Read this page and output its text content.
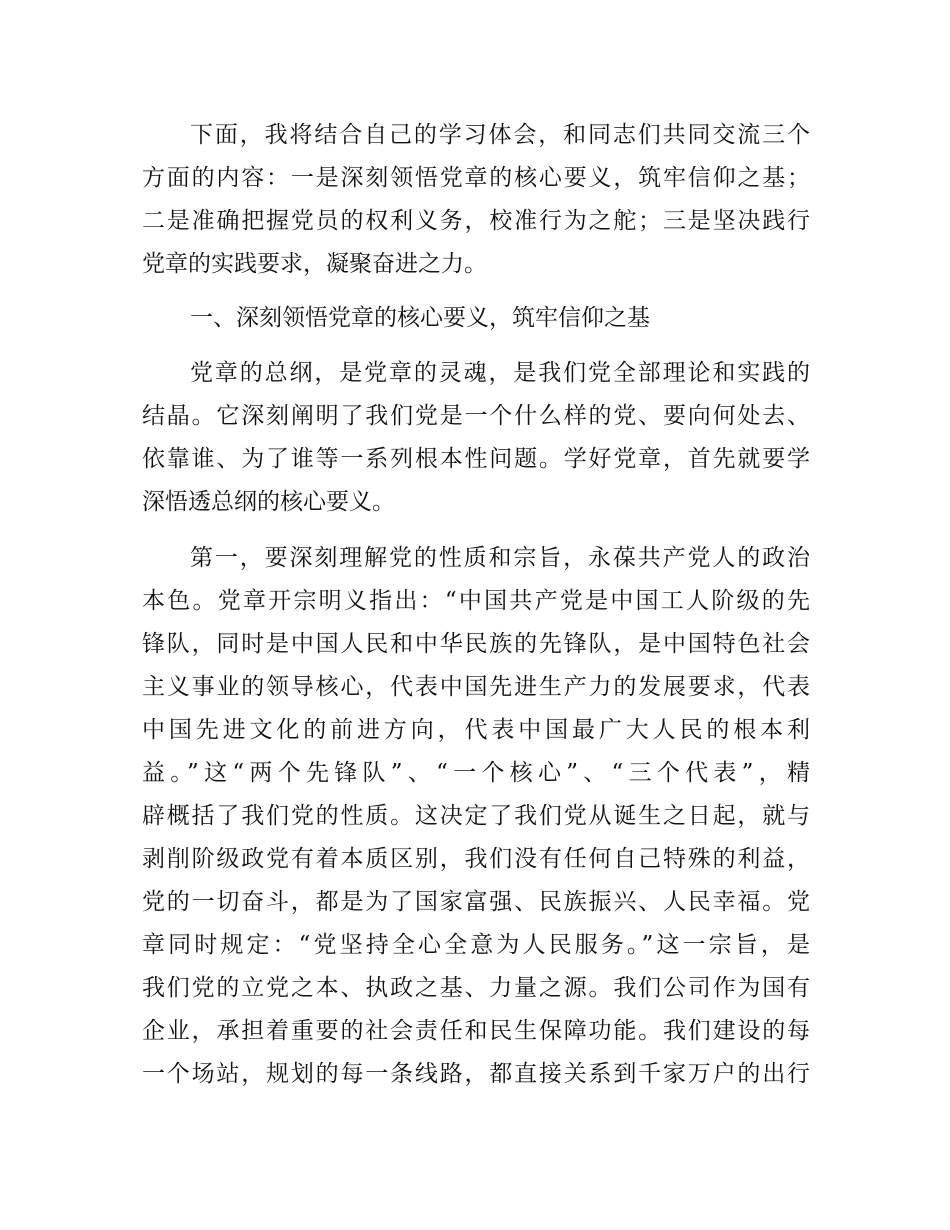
下面，我将结合自己的学习体会，和同志们共同交流三个
方面的内容：一是深刻领悟党章的核心要义，筑牢信仰之基；
二是准确把握党员的权利义务，校准行为之舵；三是坚决践行
党章的实践要求，凝聚奋进之力。
一、深刻领悟党章的核心要义，筑牢信仰之基
党章的总纲，是党章的灵魂，是我们党全部理论和实践的
结晶。它深刻阐明了我们党是一个什么样的党、要向何处去、
依靠谁、为了谁等一系列根本性问题。学好党章，首先就要学
深悟透总纲的核心要义。
第一，要深刻理解党的性质和宗旨，永葆共产党人的政治
本色。党章开宗明义指出：“中国共产党是中国工人阶级的先
锋队，同时是中国人民和中华民族的先锋队，是中国特色社会
主义事业的领导核心，代表中国先进生产力的发展要求，代表
中国先进文化的前进方向，代表中国最广大人民的根本利
益。”这“两个先锋队”、“一个核心”、“三个代表”，精
辟概括了我们党的性质。这决定了我们党从诞生之日起，就与
剥削阶级政党有着本质区别，我们没有任何自己特殊的利益，
党的一切奋斗，都是为了国家富强、民族振兴、人民幸福。党
章同时规定：“党坚持全心全意为人民服务。”这一宗旨，是
我们党的立党之本、执政之基、力量之源。我们公司作为国有
企业，承担着重要的社会责任和民生保障功能。我们建设的每
一个场站，规划的每一条线路，都直接关系到千家万户的出行
